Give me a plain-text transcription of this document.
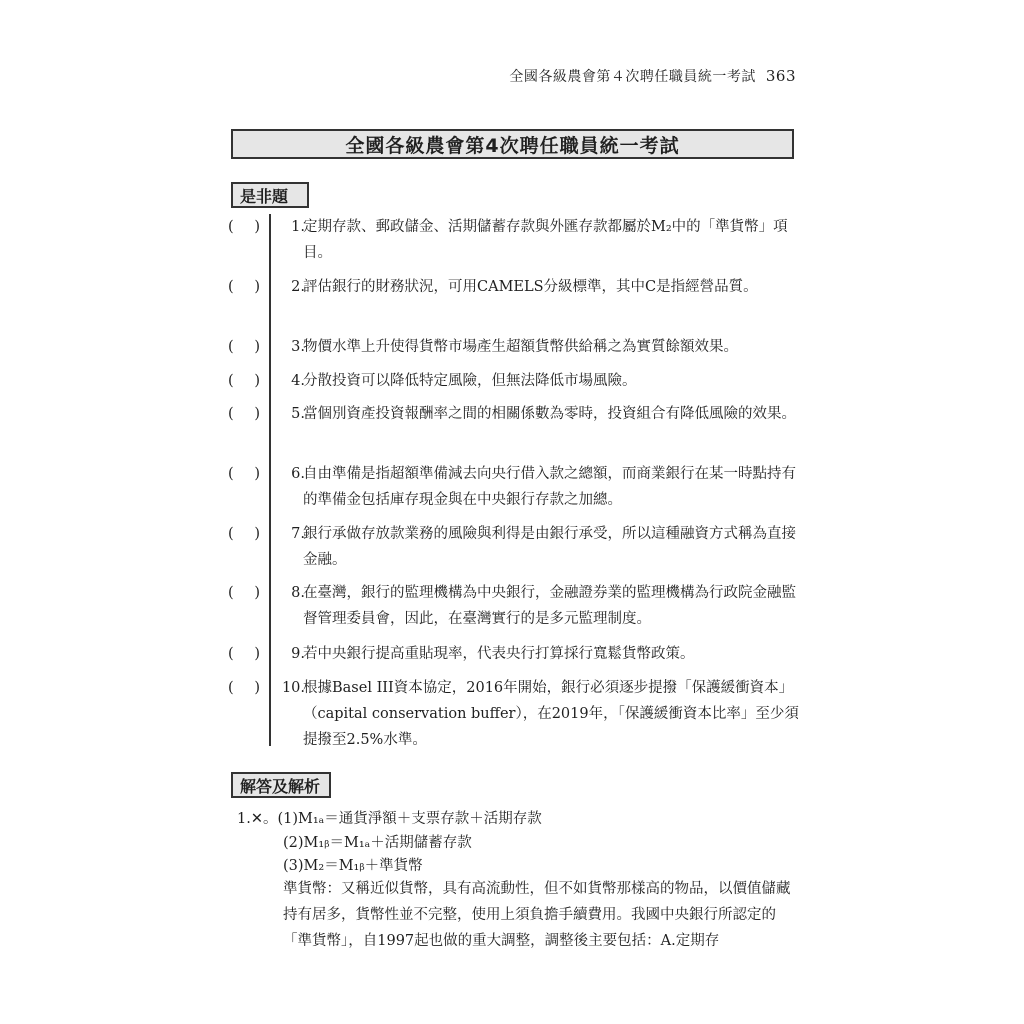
全國各級農會第４次聘任職員統一考試 363
全國各級農會第4次聘任職員統一考試
是非題
( )	1.
定期存款、郵政儲金、活期儲蓄存款與外匯存款都屬於M₂中的「準貨幣」項目。
( )	2.
評估銀行的財務狀況，可用CAMELS分級標準，其中C是指經營品質。
( )	3.
物價水準上升使得貨幣市場產生超額貨幣供給稱之為實質餘額效果。
( )	4.
分散投資可以降低特定風險，但無法降低市場風險。
( )	5.
當個別資產投資報酬率之間的相關係數為零時，投資組合有降低風險的效果。
( )	6.
自由準備是指超額準備減去向央行借入款之總額，而商業銀行在某一時點持有的準備金包括庫存現金與在中央銀行存款之加總。
( )	7.
銀行承做存放款業務的風險與利得是由銀行承受，所以這種融資方式稱為直接金融。
( )	8.
在臺灣，銀行的監理機構為中央銀行，金融證券業的監理機構為行政院金融監督管理委員會，因此，在臺灣實行的是多元監理制度。
( )	9.
若中央銀行提高重貼現率，代表央行打算採行寬鬆貨幣政策。
( ) 10.
根據Basel III資本協定，2016年開始，銀行必須逐步提撥「保護緩衝資本」（capital conservation buffer），在2019年，「保護緩衝資本比率」至少須提撥至2.5%水準。
解答及解析
1.✕。(1)M₁ₐ＝通貨淨額＋支票存款＋活期存款
(2)M₁ᵦ＝M₁ₐ＋活期儲蓄存款
(3)M₂＝M₁ᵦ＋準貨幣
準貨幣：又稱近似貨幣，具有高流動性，但不如貨幣那樣高的物品，以價值儲藏持有居多，貨幣性並不完整，使用上須負擔手續費用。我國中央銀行所認定的「準貨幣」，自1997起也做的重大調整，調整後主要包括：A.定期存
